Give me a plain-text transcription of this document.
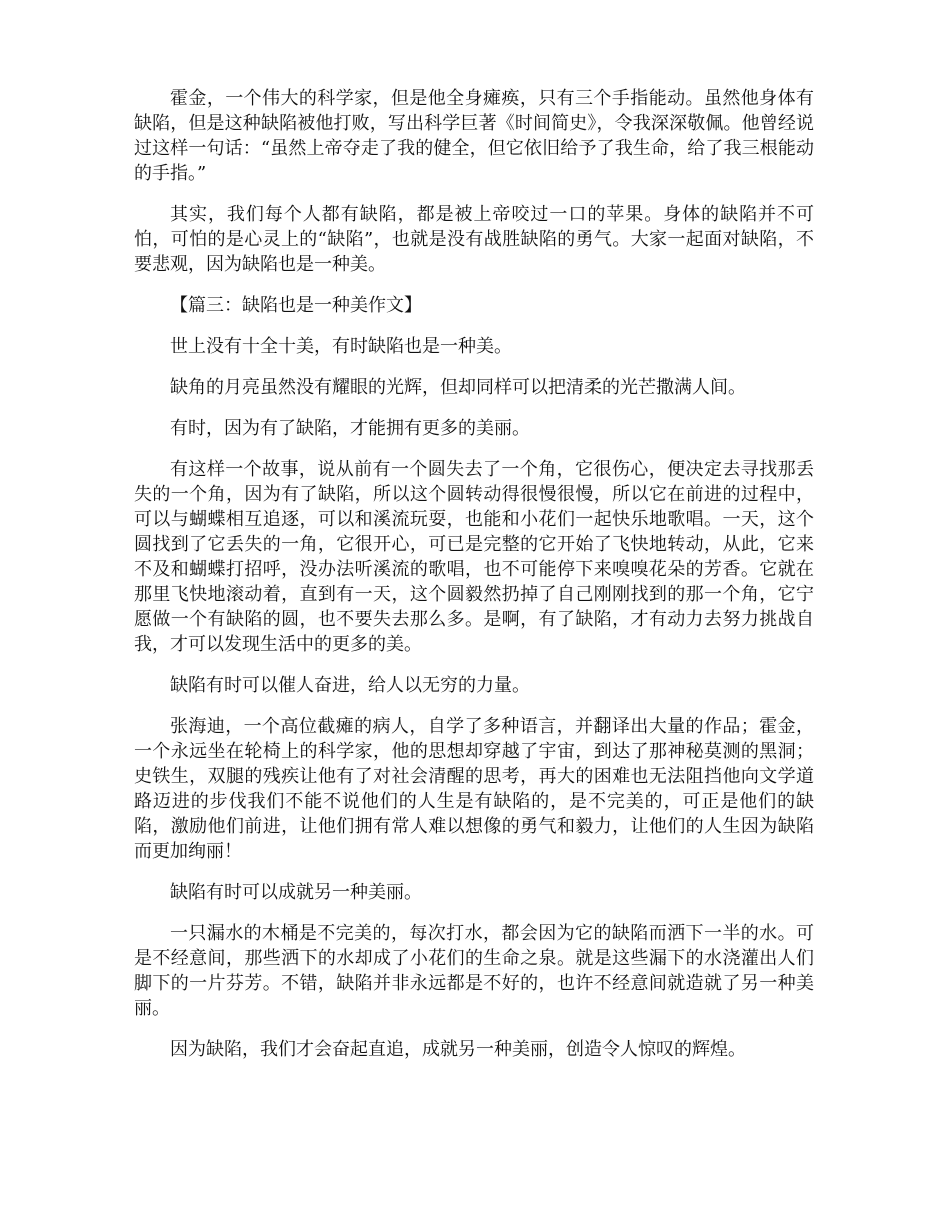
霍金，一个伟大的科学家，但是他全身瘫痪，只有三个手指能动。虽然他身体有缺陷，但是这种缺陷被他打败，写出科学巨著《时间简史》，令我深深敬佩。他曾经说过这样一句话：“虽然上帝夺走了我的健全，但它依旧给予了我生命，给了我三根能动的手指。”

其实，我们每个人都有缺陷，都是被上帝咬过一口的苹果。身体的缺陷并不可怕，可怕的是心灵上的“缺陷”，也就是没有战胜缺陷的勇气。大家一起面对缺陷，不要悲观，因为缺陷也是一种美。

【篇三：缺陷也是一种美作文】

世上没有十全十美，有时缺陷也是一种美。

缺角的月亮虽然没有耀眼的光辉，但却同样可以把清柔的光芒撒满人间。

有时，因为有了缺陷，才能拥有更多的美丽。

有这样一个故事，说从前有一个圆失去了一个角，它很伤心，便决定去寻找那丢失的一个角，因为有了缺陷，所以这个圆转动得很慢很慢，所以它在前进的过程中，可以与蝴蝶相互追逐，可以和溪流玩耍，也能和小花们一起快乐地歌唱。一天，这个圆找到了它丢失的一角，它很开心，可已是完整的它开始了飞快地转动，从此，它来不及和蝴蝶打招呼，没办法听溪流的歌唱，也不可能停下来嗅嗅花朵的芳香。它就在那里飞快地滚动着，直到有一天，这个圆毅然扔掉了自己刚刚找到的那一个角，它宁愿做一个有缺陷的圆，也不要失去那么多。是啊，有了缺陷，才有动力去努力挑战自我，才可以发现生活中的更多的美。

缺陷有时可以催人奋进，给人以无穷的力量。

张海迪，一个高位截瘫的病人，自学了多种语言，并翻译出大量的作品；霍金，一个永远坐在轮椅上的科学家，他的思想却穿越了宇宙，到达了那神秘莫测的黑洞；史铁生，双腿的残疾让他有了对社会清醒的思考，再大的困难也无法阻挡他向文学道路迈进的步伐我们不能不说他们的人生是有缺陷的，是不完美的，可正是他们的缺陷，激励他们前进，让他们拥有常人难以想像的勇气和毅力，让他们的人生因为缺陷而更加绚丽！

缺陷有时可以成就另一种美丽。

一只漏水的木桶是不完美的，每次打水，都会因为它的缺陷而洒下一半的水。可是不经意间，那些洒下的水却成了小花们的生命之泉。就是这些漏下的水浇灌出人们脚下的一片芬芳。不错，缺陷并非永远都是不好的，也许不经意间就造就了另一种美丽。

因为缺陷，我们才会奋起直追，成就另一种美丽，创造令人惊叹的辉煌。
